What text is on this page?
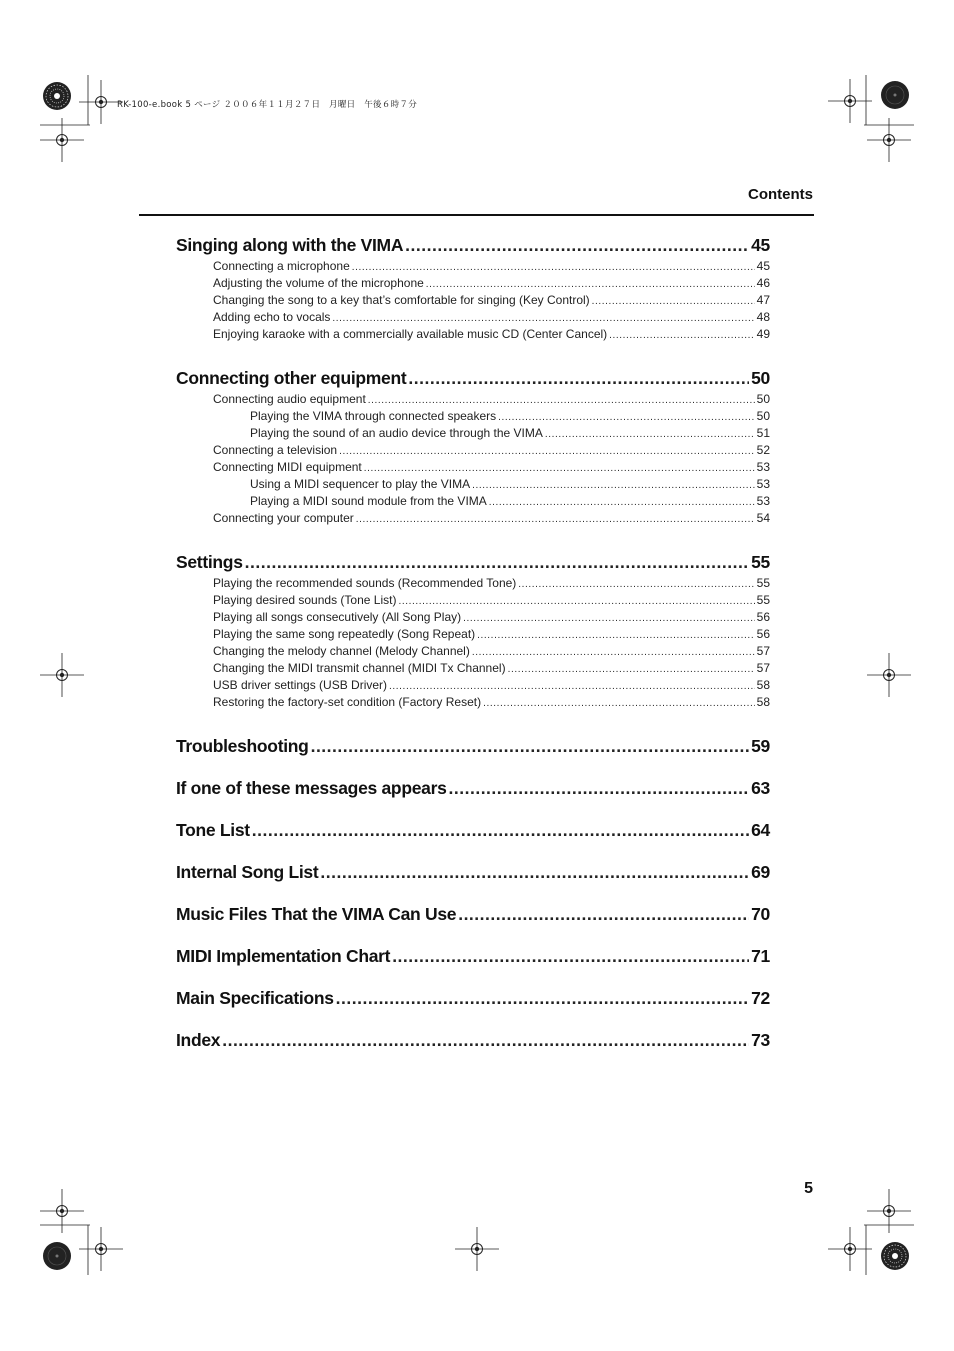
RK-100-e.book 5 ページ ２００６年１１月２７日　月曜日　午後６時７分
Contents
Singing along with the VIMA .....	45
Connecting a microphone .....	45
Adjusting the volume of the microphone .....	46
Changing the song to a key that’s comfortable for singing (Key Control) .....	47
Adding echo to vocals .....	48
Enjoying karaoke with a commercially available music CD (Center Cancel) .....	49
Connecting other equipment .....	50
Connecting audio equipment .....	50
Playing the VIMA through connected speakers .....	50
Playing the sound of an audio device through the VIMA .....	51
Connecting a television .....	52
Connecting MIDI equipment .....	53
Using a MIDI sequencer to play the VIMA .....	53
Playing a MIDI sound module from the VIMA .....	53
Connecting your computer .....	54
Settings .....	55
Playing the recommended sounds (Recommended Tone) .....	55
Playing desired sounds (Tone List) .....	55
Playing all songs consecutively (All Song Play) .....	56
Playing the same song repeatedly (Song Repeat) .....	56
Changing the melody channel (Melody Channel) .....	57
Changing the MIDI transmit channel (MIDI Tx Channel) .....	57
USB driver settings (USB Driver) .....	58
Restoring the factory-set condition (Factory Reset) .....	58
Troubleshooting .....	59
If one of these messages appears .....	63
Tone List .....	64
Internal Song List .....	69
Music Files That the VIMA Can Use .....	70
MIDI Implementation Chart .....	71
Main Specifications .....	72
Index .....	73
5
